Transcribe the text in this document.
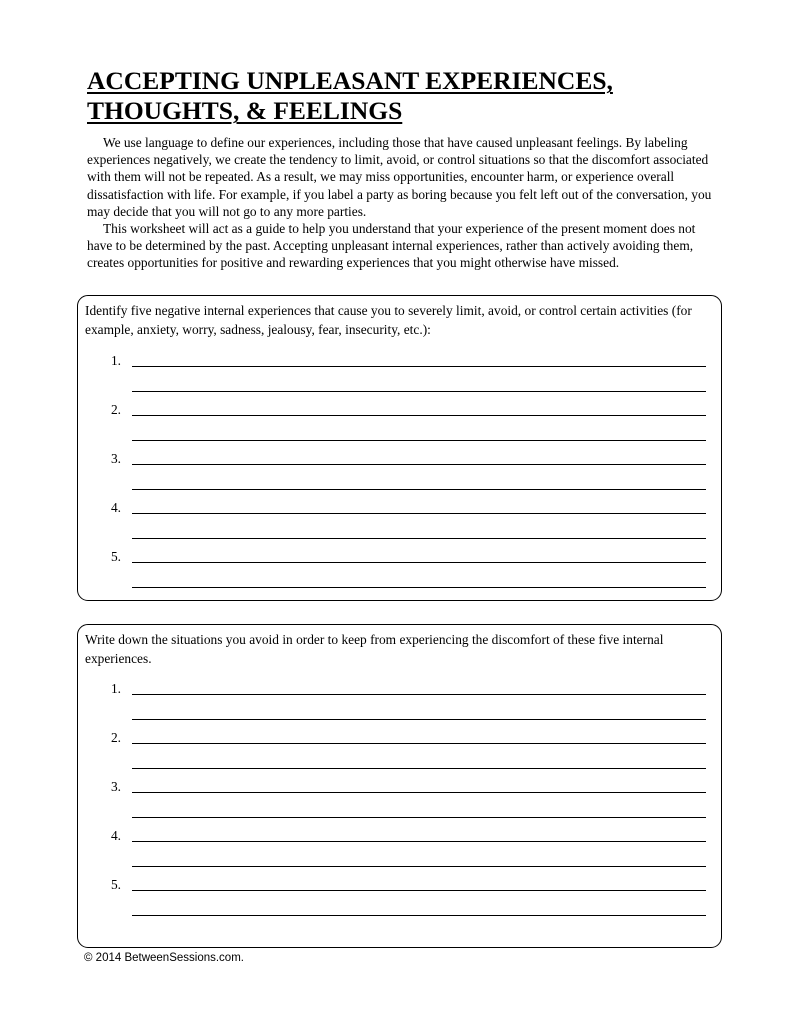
ACCEPTING UNPLEASANT EXPERIENCES,
THOUGHTS, & FEELINGS

We use language to define our experiences, including those that have caused unpleasant feelings. By labeling experiences negatively, we create the tendency to limit, avoid, or control situations so that the discomfort associated with them will not be repeated. As a result, we may miss opportunities, encounter harm, or experience overall dissatisfaction with life. For example, if you label a party as boring because you felt left out of the conversation, you may decide that you will not go to any more parties.

This worksheet will act as a guide to help you understand that your experience of the present moment does not have to be determined by the past. Accepting unpleasant internal experiences, rather than actively avoiding them, creates opportunities for positive and rewarding experiences that you might otherwise have missed.

Identify five negative internal experiences that cause you to severely limit, avoid, or control certain activities (for example, anxiety, worry, sadness, jealousy, fear, insecurity, etc.):

1.
2.
3.
4.
5.

Write down the situations you avoid in order to keep from experiencing the discomfort of these five internal experiences.

1.
2.
3.
4.
5.
© 2014 BetweenSessions.com.
